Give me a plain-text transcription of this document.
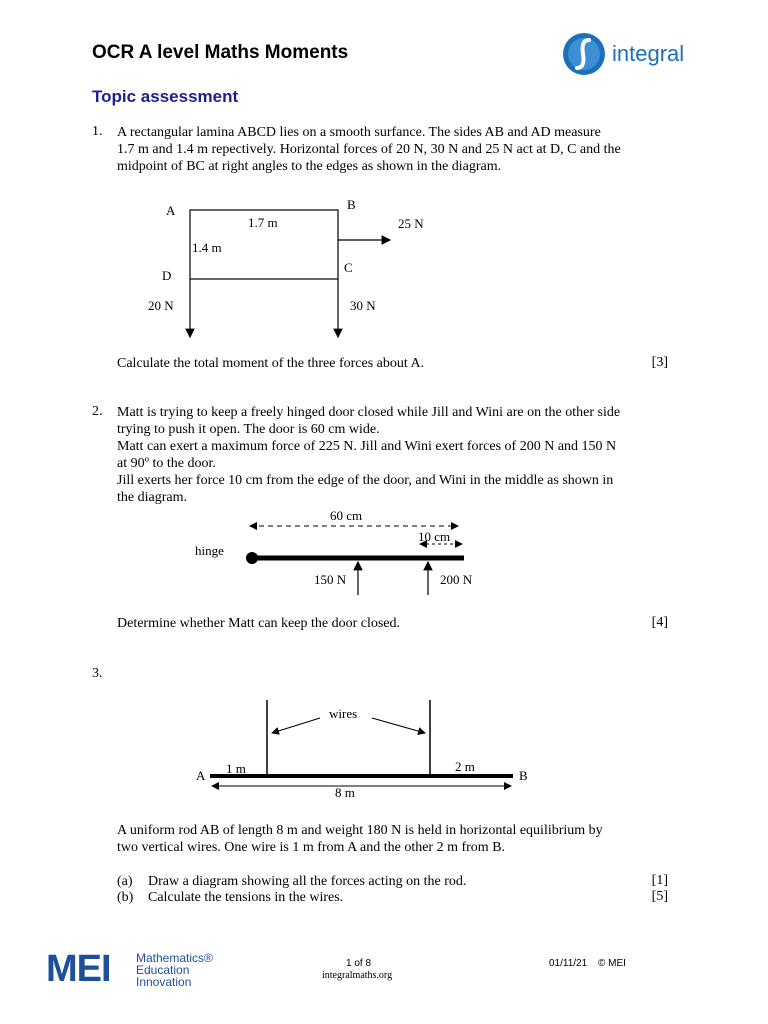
OCR A level Maths Moments
Topic assessment
integral
1. A rectangular lamina ABCD lies on a smooth surfance. The sides AB and AD measure
1.7 m and 1.4 m repectively. Horizontal forces of 20 N, 30 N and 25 N act at D, C and the
midpoint of BC at right angles to the edges as shown in the diagram.
A	B
C
D
1.7 m
1.4 m
25 N
20 N	30 N
Calculate the total moment of the three forces about A.	[3]
2. Matt is trying to keep a freely hinged door closed while Jill and Wini are on the other side
trying to push it open. The door is 60 cm wide.
Matt can exert a maximum force of 225 N. Jill and Wini exert forces of 200 N and 150 N
at 90º to the door.
Jill exerts her force 10 cm from the edge of the door, and Wini in the middle as shown in
the diagram.
60 cm
10 cm
hinge
150 N	200 N
Determine whether Matt can keep the door closed.	[4]
3.
wires
A	B
1 m	2 m
8 m
A uniform rod AB of length 8 m and weight 180 N is held in horizontal equilibrium by
two vertical wires. One wire is 1 m from A and the other 2 m from B.
(a) Draw a diagram showing all the forces acting on the rod.	[1]
(b) Calculate the tensions in the wires.	[5]
MEI Mathematics®
Education
Innovation
1 of 8
integralmaths.org
01/11/21 © MEI
